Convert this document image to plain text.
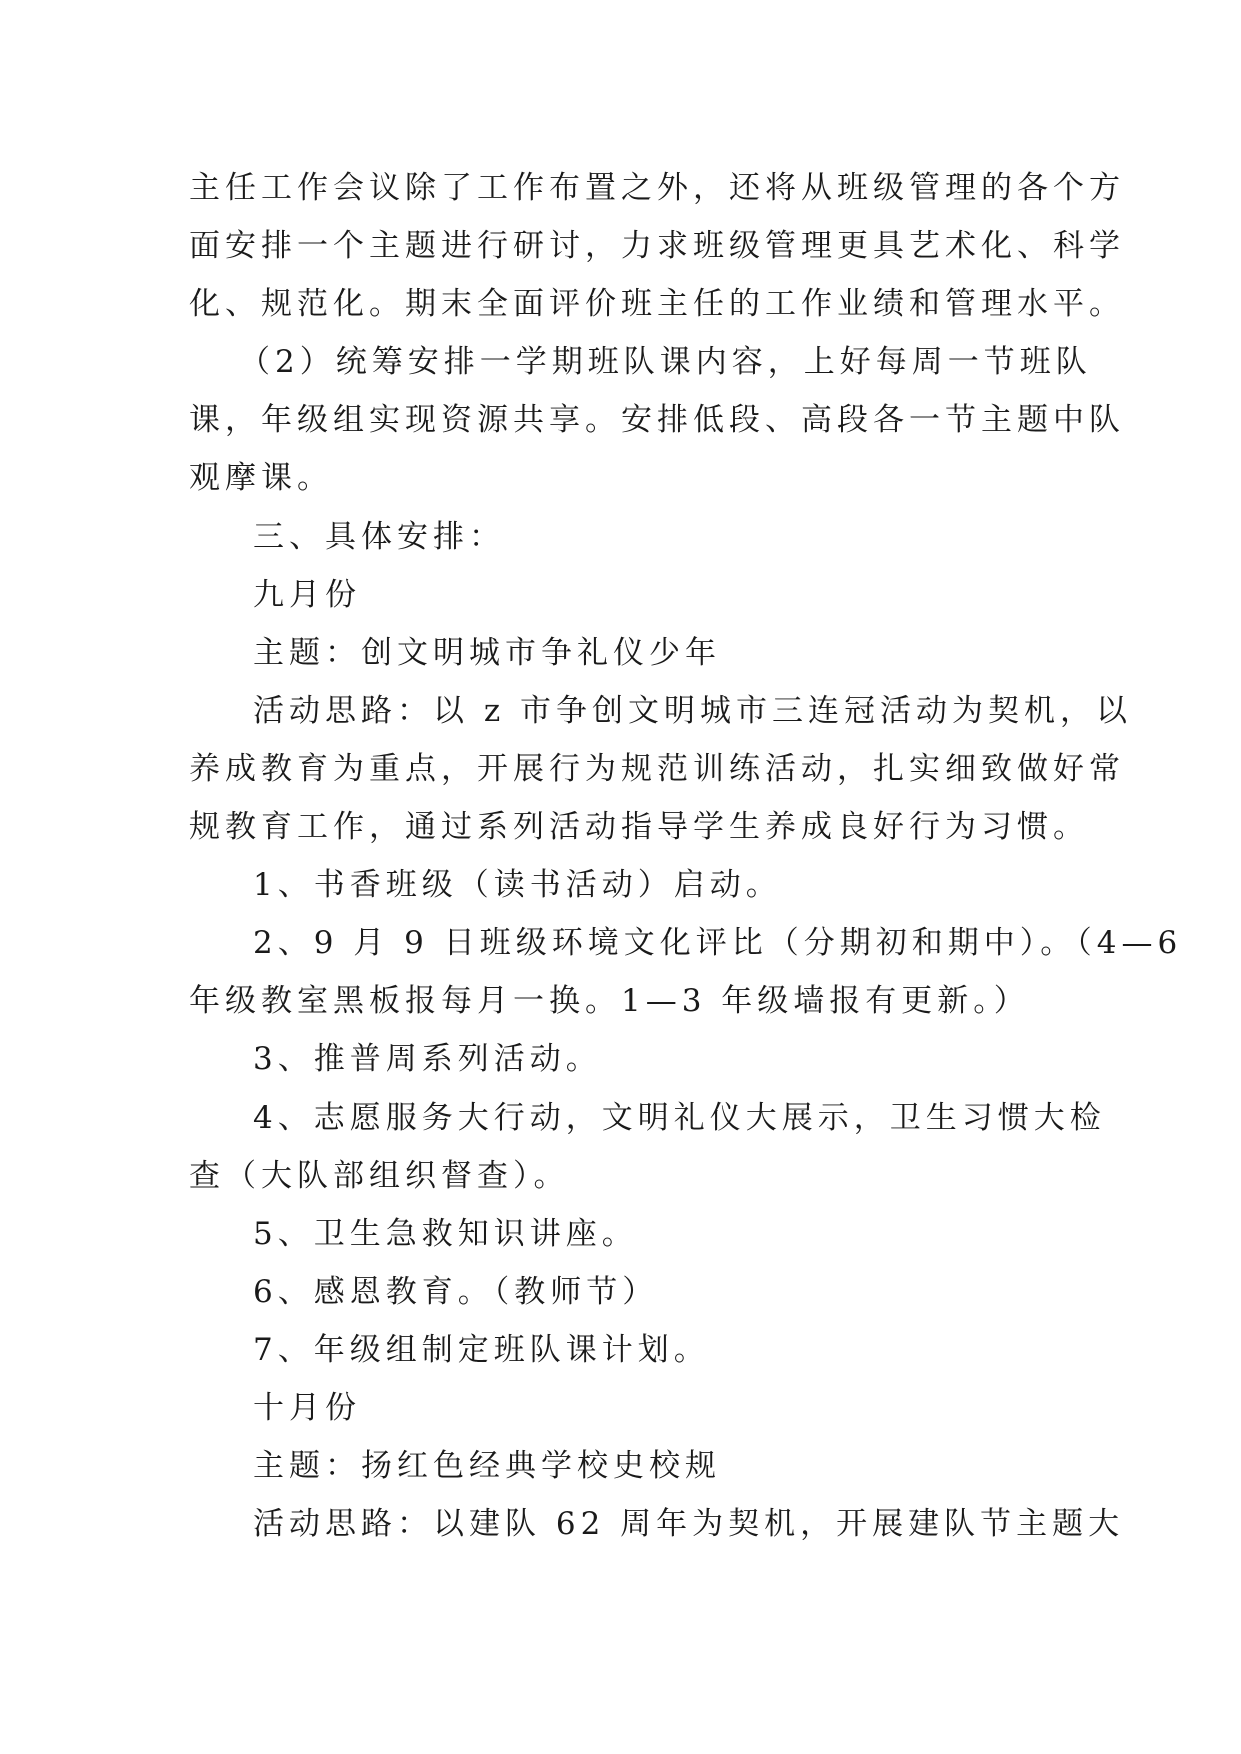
主任工作会议除了工作布置之外，还将从班级管理的各个方
面安排一个主题进行研讨，力求班级管理更具艺术化、科学
化、规范化。期末全面评价班主任的工作业绩和管理水平。
（2）统筹安排一学期班队课内容，上好每周一节班队
课，年级组实现资源共享。安排低段、高段各一节主题中队
观摩课。
三、具体安排：
九月份
主题：创文明城市争礼仪少年
活动思路：以 z 市争创文明城市三连冠活动为契机，以
养成教育为重点，开展行为规范训练活动，扎实细致做好常
规教育工作，通过系列活动指导学生养成良好行为习惯。
1、书香班级（读书活动）启动。
2、9 月 9 日班级环境文化评比（分期初和期中）。（4—6
年级教室黑板报每月一换。1—3 年级墙报有更新。）
3、推普周系列活动。
4、志愿服务大行动，文明礼仪大展示，卫生习惯大检
查（大队部组织督查）。
5、卫生急救知识讲座。
6、感恩教育。（教师节）
7、年级组制定班队课计划。
十月份
主题：扬红色经典学校史校规
活动思路：以建队 62 周年为契机，开展建队节主题大
